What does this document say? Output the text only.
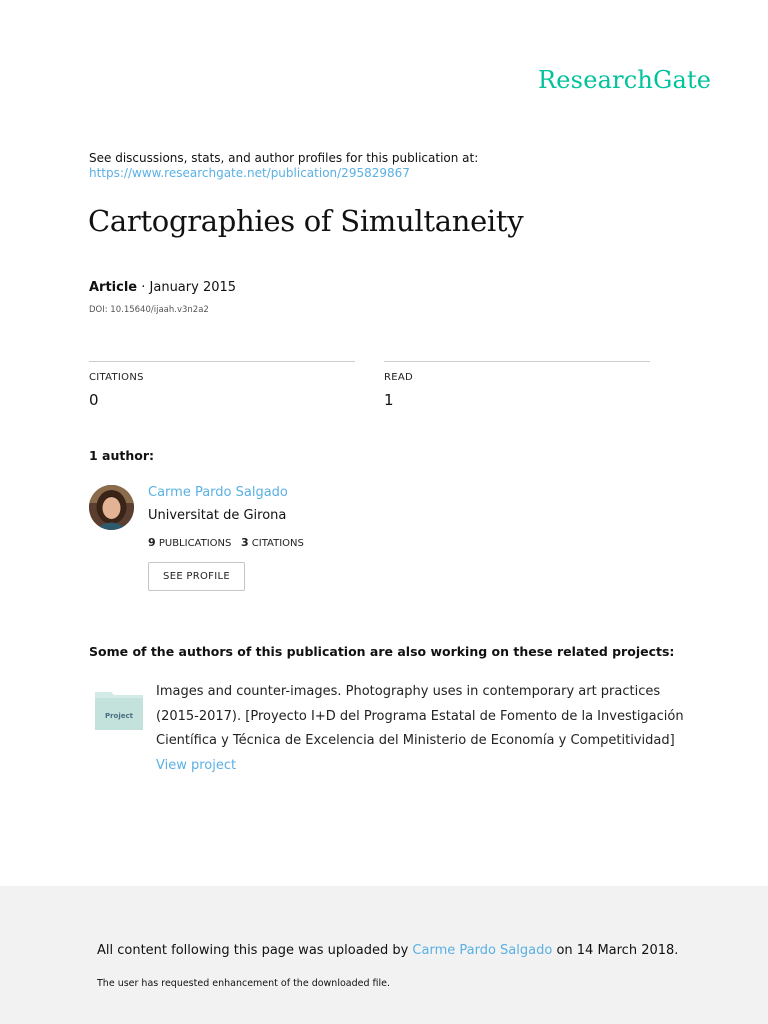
ResearchGate
See discussions, stats, and author profiles for this publication at:
https://www.researchgate.net/publication/295829867
Cartographies of Simultaneity
Article · January 2015
DOI: 10.15640/ijaah.v3n2a2
CITATIONS
0
READ
1
1 author:
Carme Pardo Salgado
Universitat de Girona
9 PUBLICATIONS 3 CITATIONS
SEE PROFILE
Some of the authors of this publication are also working on these related projects:
Project
Images and counter-images. Photography uses in contemporary art practices (2015-2017). [Proyecto I+D del Programa Estatal de Fomento de la Investigación Científica y Técnica de Excelencia del Ministerio de Economía y Competitividad] View project
All content following this page was uploaded by Carme Pardo Salgado on 14 March 2018.
The user has requested enhancement of the downloaded file.
